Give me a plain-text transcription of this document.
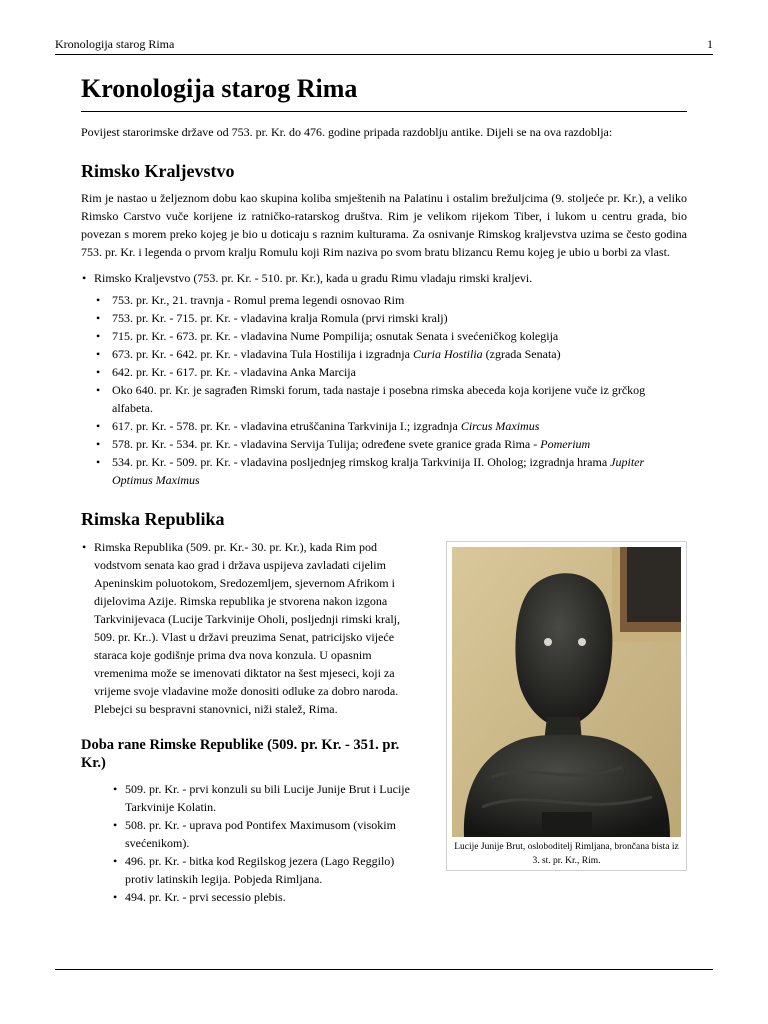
Kronologija starog Rima	1
Kronologija starog Rima

Povijest starorimske države od 753. pr. Kr. do 476. godine pripada razdoblju antike. Dijeli se na ova razdoblja:

Rimsko Kraljevstvo

Rim je nastao u željeznom dobu kao skupina koliba smještenih na Palatinu i ostalim brežuljcima (9. stoljeće pr. Kr.), a veliko Rimsko Carstvo vuče korijene iz ratničko-ratarskog društva. Rim je velikom rijekom Tiber, i lukom u centru grada, bio povezan s morem preko kojeg je bio u doticaju s raznim kulturama. Za osnivanje Rimskog kraljevstva uzima se često godina 753. pr. Kr. i legenda o prvom kralju Romulu koji Rim naziva po svom bratu blizancu Remu kojeg je ubio u borbi za vlast.

• Rimsko Kraljevstvo (753. pr. Kr. - 510. pr. Kr.), kada u gradu Rimu vladaju rimski kraljevi.
• 753. pr. Kr., 21. travnja - Romul prema legendi osnovao Rim
• 753. pr. Kr. - 715. pr. Kr. - vladavina kralja Romula (prvi rimski kralj)
• 715. pr. Kr. - 673. pr. Kr. - vladavina Nume Pompilija; osnutak Senata i svećeničkog kolegija
• 673. pr. Kr. - 642. pr. Kr. - vladavina Tula Hostilija i izgradnja Curia Hostilia (zgrada Senata)
• 642. pr. Kr. - 617. pr. Kr. - vladavina Anka Marcija
• Oko 640. pr. Kr. je sagrađen Rimski forum, tada nastaje i posebna rimska abeceda koja korijene vuče iz grčkog alfabeta.
• 617. pr. Kr. - 578. pr. Kr. - vladavina etruščanina Tarkvinija I.; izgradnja Circus Maximus
• 578. pr. Kr. - 534. pr. Kr. - vladavina Servija Tulija; određene svete granice grada Rima - Pomerium
• 534. pr. Kr. - 509. pr. Kr. - vladavina posljednjeg rimskog kralja Tarkvinija II. Oholog; izgradnja hrama Jupiter Optimus Maximus
Rimska Republika
• Rimska Republika (509. pr. Kr.- 30. pr. Kr.), kada Rim pod vodstvom senata kao grad i država uspijeva zavladati cijelim Apeninskim poluotokom, Sredozemljem, sjevernom Afrikom i dijelovima Azije. Rimska republika je stvorena nakon izgona Tarkvinijevaca (Lucije Tarkvinije Oholi, posljednji rimski kralj, 509. pr. Kr..). Vlast u državi preuzima Senat, patricijsko vijeće staraca koje godišnje prima dva nova konzula. U opasnim vremenima može se imenovati diktator na šest mjeseci, koji za vrijeme svoje vladavine može donositi odluke za dobro naroda. Plebejci su bespravni stanovnici, niži stalež, Rima.
Doba rane Rimske Republike (509. pr. Kr. - 351. pr. Kr.)
• 509. pr. Kr. - prvi konzuli su bili Lucije Junije Brut i Lucije Tarkvinije Kolatin.
• 508. pr. Kr. - uprava pod Pontifex Maximusom (visokim svećenikom).
• 496. pr. Kr. - bitka kod Regilskog jezera (Lago Reggilo) protiv latinskih legija. Pobjeda Rimljana.
• 494. pr. Kr. - prvi secessio plebis.
Lucije Junije Brut, osloboditelj Rimljana, brončana bista iz 3. st. pr. Kr., Rim.
